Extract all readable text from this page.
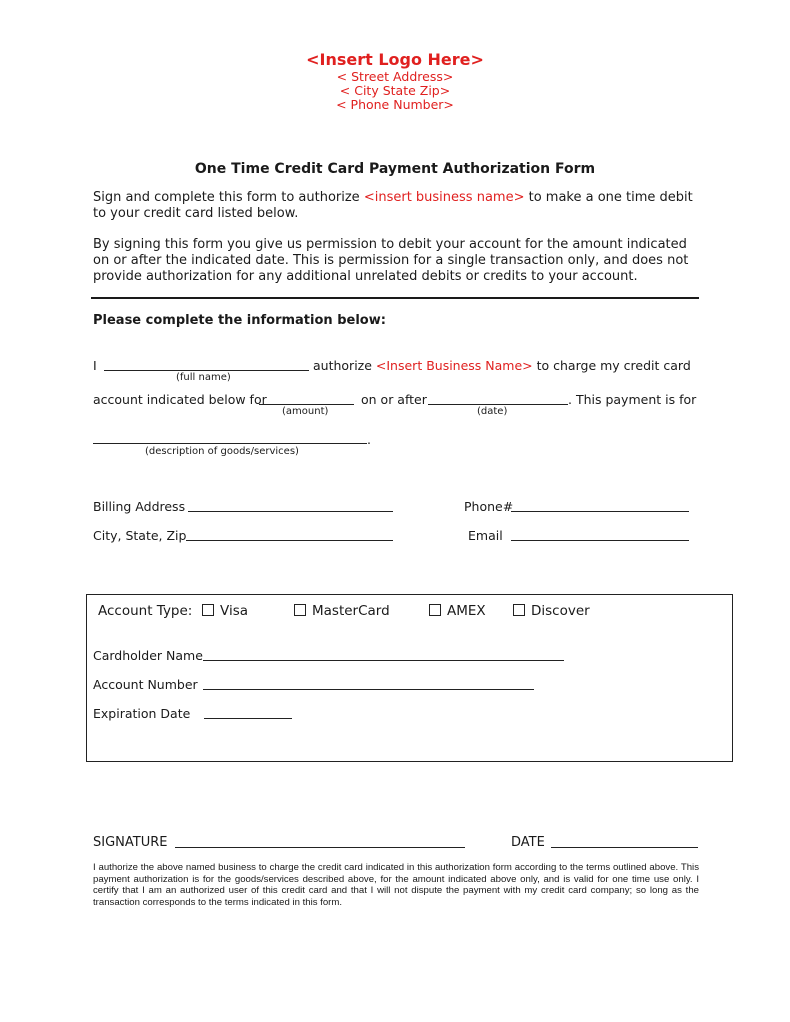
<Insert Logo Here>
< Street Address>
< City State Zip>
< Phone Number>
One Time Credit Card Payment Authorization Form
Sign and complete this form to authorize <insert business name> to make a one time debit
to your credit card listed below.
By signing this form you give us permission to debit your account for the amount indicated
on or after the indicated date. This is permission for a single transaction only, and does not
provide authorization for any additional unrelated debits or credits to your account.
Please complete the information below:
I	authorize <Insert Business Name> to charge my credit card
(full name)
account indicated below for	on or after	. This payment is for
(amount)	(date)
.
(description of goods/services)
Billing Address	Phone#
City, State, Zip	Email
Account Type: Visa	MasterCard	AMEX	Discover
Cardholder Name
Account Number
Expiration Date
SIGNATURE	DATE
I authorize the above named business to charge the credit card indicated in this authorization form according to the terms outlined above. This payment authorization is for the goods/services described above, for the amount indicated above only, and is valid for one time use only. I certify that I am an authorized user of this credit card and that I will not dispute the payment with my credit card company; so long as the transaction corresponds to the terms indicated in this form.
